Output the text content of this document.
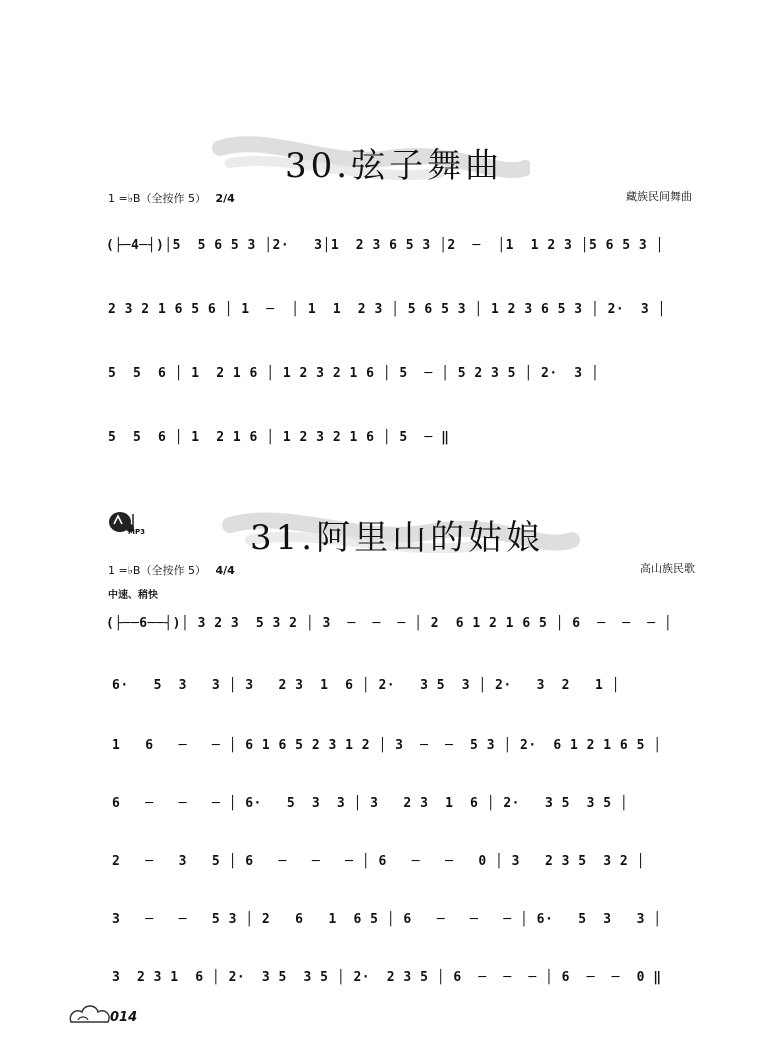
30.弦子舞曲
1 =♭B（全按作 5） 2/4	藏族民间舞曲
(├─4─┤)│5  5 6 5 3 │2·   3│1  2 3 6 5 3 │2  ─  │1  1 2 3 │5 6 5 3 │
2 3 2 1 6 5 6 │ 1  ─  │ 1  1  2 3 │ 5 6 5 3 │ 1 2 3 6 5 3 │ 2·  3 │
5  5  6 │ 1  2 1 6 │ 1 2 3 2 1 6 │ 5  ─ │ 5 2 3 5 │ 2·  3 │
5  5  6 │ 1  2 1 6 │ 1 2 3 2 1 6 │ 5  ─ ‖
MP3	31.阿里山的姑娘
1 =♭B（全按作 5） 4/4	高山族民歌
中速、稍快
(├──6──┤)│ 3 2 3  5 3 2 │ 3  ─  ─  ─ │ 2  6 1 2 1 6 5 │ 6  ─  ─  ─ │
6·   5  3   3 │ 3   2 3  1  6 │ 2·   3 5  3 │ 2·   3  2   1 │
1   6   ─   ─ │ 6 1 6 5 2 3 1 2 │ 3  ─  ─  5 3 │ 2·  6 1 2 1 6 5 │
6   ─   ─   ─ │ 6·   5  3  3 │ 3   2 3  1  6 │ 2·   3 5  3 5 │
2   ─   3   5 │ 6   ─   ─   ─ │ 6   ─   ─   0 │ 3   2 3 5  3 2 │
3   ─   ─   5 3 │ 2   6   1  6 5 │ 6   ─   ─   ─ │ 6·   5  3   3 │
3  2 3 1  6 │ 2·  3 5  3 5 │ 2·  2 3 5 │ 6  ─  ─  ─ │ 6  ─  ─  0 ‖
014
